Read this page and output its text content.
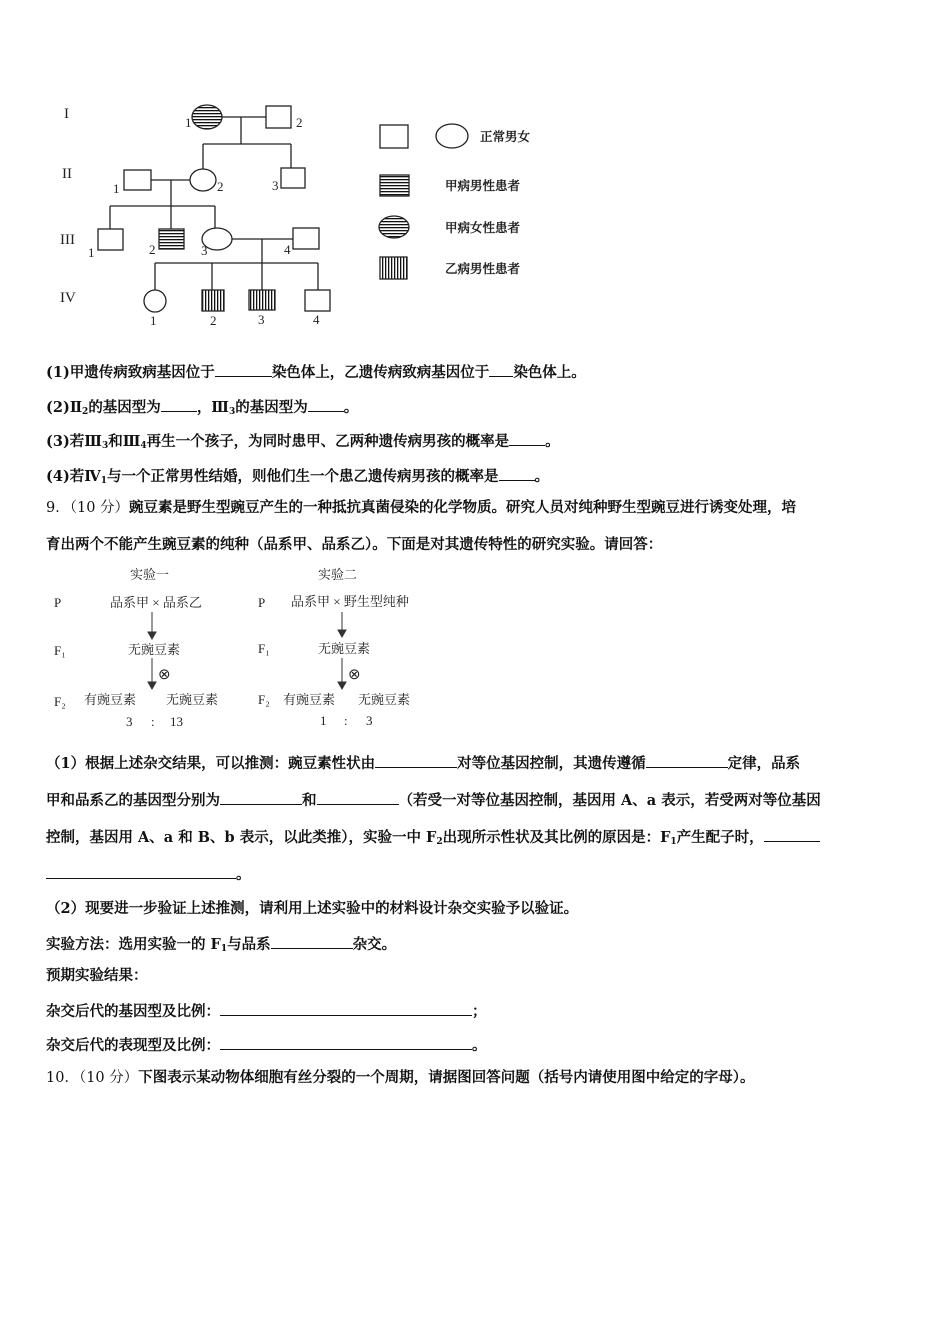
I
II
III
IV
1	2
1	2	3
1	2	3	4
1	2	3	4
正常男女
甲病男性患者
甲病女性患者
乙病男性患者
(1)甲遗传病致病基因位于	染色体上，乙遗传病致病基因位于 染色体上。
$(2)Ⅱ_2$的基因型为 ，$Ⅲ_3$的基因型为 。
(3)若$Ⅲ_3$和$Ⅲ_4$再生一个孩子，为同时患甲、乙两种遗传病男孩的概率是 。
(4)若$Ⅳ_1$与一个正常男性结婚，则他们生一个患乙遗传病男孩的概率是 。
9．（10 分）豌豆素是野生型豌豆产生的一种抵抗真菌侵染的化学物质。研究人员对纯种野生型豌豆进行诱变处理，培
育出两个不能产生豌豆素的纯种（品系甲、品系乙）。下面是对其遗传特性的研究实验。请回答：
实验一
P	品系甲 × 品系乙
F₁	无豌豆素
⊗
F₂ 有豌豆素 无豌豆素
3 : 13
实验二
P 品系甲 × 野生型纯种
F₁	无豌豆素
⊗
F₂ 有豌豆素 无豌豆素
1 : 3
（1）根据上述杂交结果，可以推测：豌豆素性状由	对等位基因控制，其遗传遵循	定律，品系
甲和品系乙的基因型分别为	和	（若受一对等位基因控制，基因用 A、a 表示，若受两对等位基因
控制，基因用 A、a 和 B、b 表示，以此类推），实验一中 $F_2$出现所示性状及其比例的原因是：$F_1$产生配子时，
。
（2）现要进一步验证上述推测，请利用上述实验中的材料设计杂交实验予以验证。
实验方法：选用实验一的 $F_1$与品系	杂交。
预期实验结果：
杂交后代的基因型及比例：	；
杂交后代的表现型及比例：	。
10．（10 分）下图表示某动物体细胞有丝分裂的一个周期，请据图回答问题（括号内请使用图中给定的字母）。
